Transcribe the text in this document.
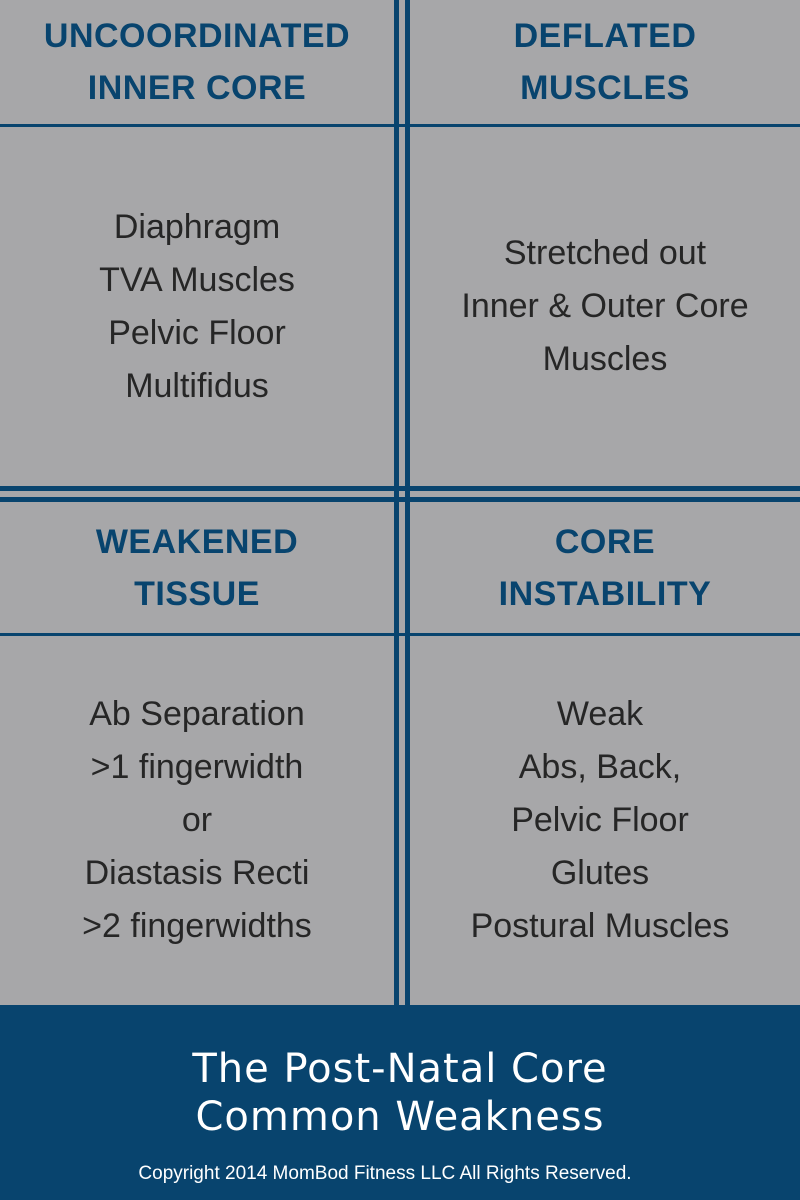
UNCOORDINATED
INNER CORE
Diaphragm
TVA Muscles
Pelvic Floor
Multifidus
DEFLATED
MUSCLES
Stretched out
Inner & Outer Core
Muscles
WEAKENED
TISSUE
Ab Separation
>1 fingerwidth
or
Diastasis Recti
>2 fingerwidths
CORE
INSTABILITY
Weak
Abs, Back,
Pelvic Floor
Glutes
Postural Muscles
The Post-Natal Core
Common Weakness
Copyright 2014 MomBod Fitness LLC All Rights Reserved.
